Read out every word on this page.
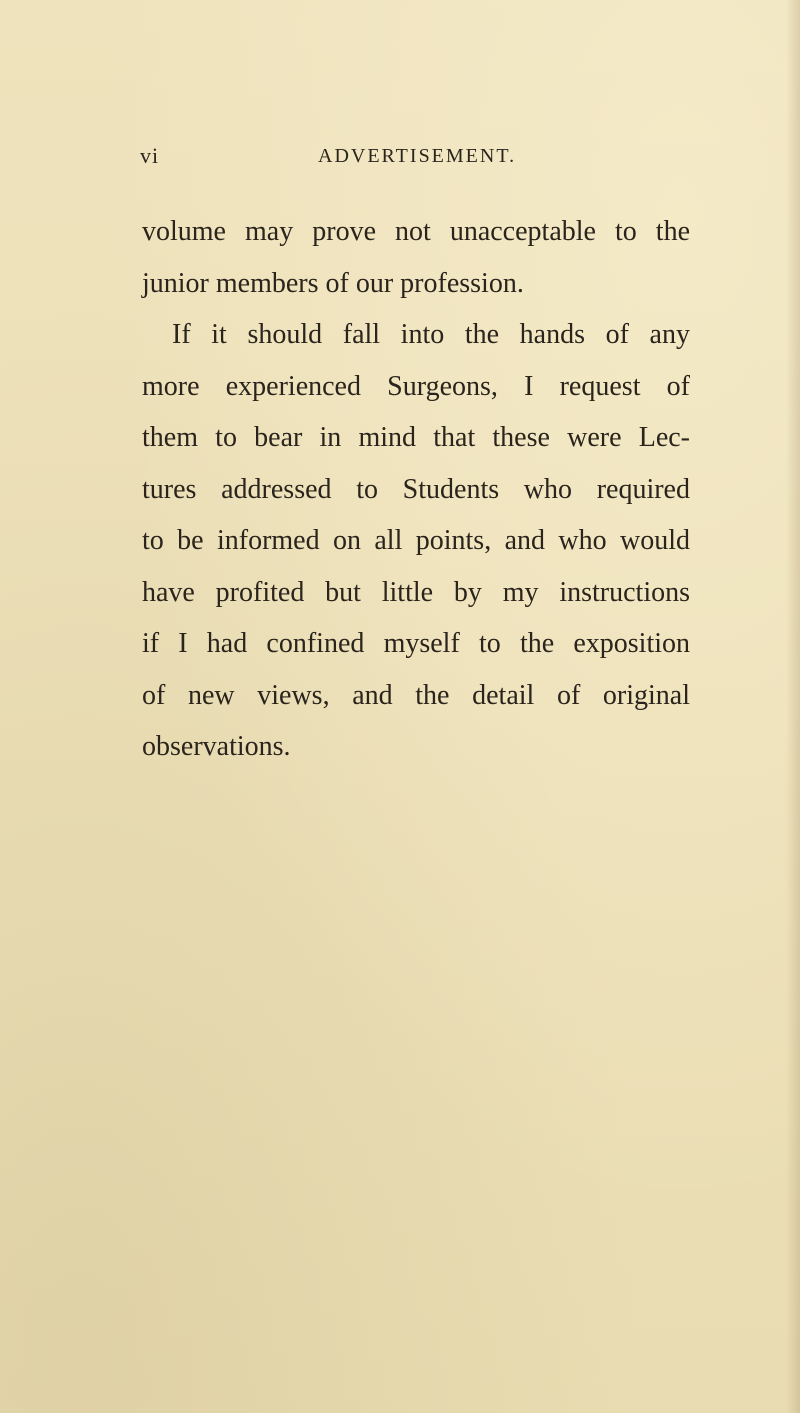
vi	ADVERTISEMENT.
volume may prove not unacceptable to the
junior members of our profession.
If it should fall into the hands of any
more experienced Surgeons, I request of
them to bear in mind that these were Lec-
tures addressed to Students who required
to be informed on all points, and who would
have profited but little by my instructions
if I had confined myself to the exposition
of new views, and the detail of original
observations.
